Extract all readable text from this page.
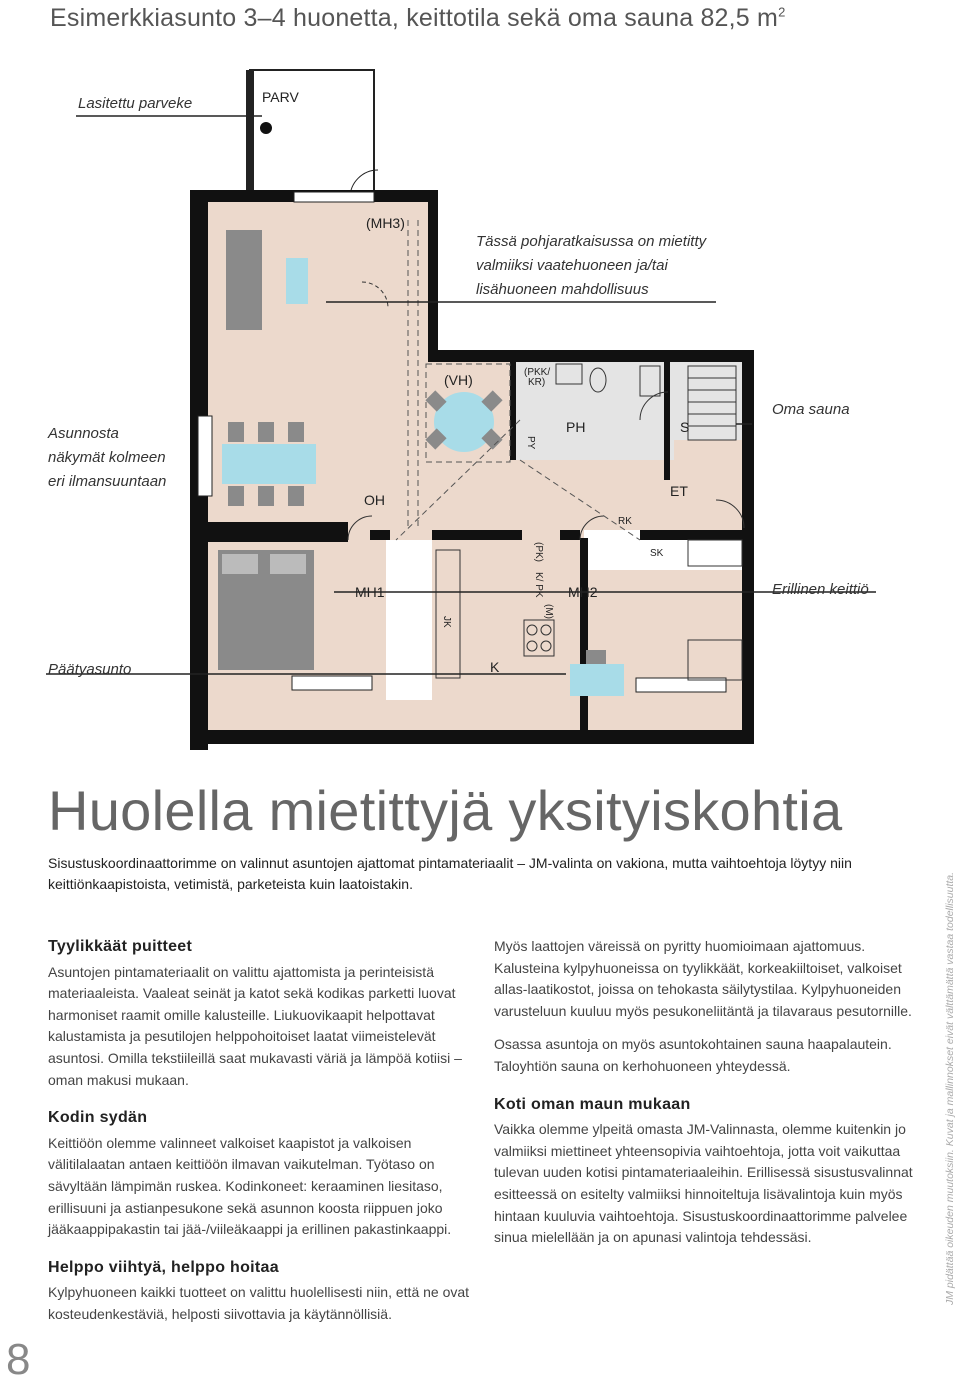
Esimerkkiasunto 3–4 huonetta, keittotila sekä oma sauna 82,5 $m^2$
PARV
(MH3)
(VH)	(PKK/
KR)
PY
PH	S
ET
OH
RK
SK
MH1	MH2
K
JK
(PK)
K/ PK
(M)
Lasitettu parveke
Tässä pohjaratkaisussa on mietitty
valmiiksi vaatehuoneen ja/tai
lisähuoneen mahdollisuus
Asunnosta
näkymät kolmeen
eri ilmansuuntaan
Oma sauna
Erillinen keittiö
Päätyasunto
Huolella mietittyjä yksityiskohtia
Sisustuskoordinaattorimme on valinnut asuntojen ajattomat pintamateriaalit – JM-valinta on vakiona, mutta vaihtoehtoja löytyy niin keittiönkaapistoista, vetimistä, parketeista kuin laatoistakin.
Tyylikkäät puitteet

Asuntojen pintamateriaalit on valittu ajattomista ja perinteisistä materiaaleista. Vaaleat seinät ja katot sekä kodikas parketti luovat harmoniset raamit omille kalusteille. Liukuovikaapit helpottavat kalustamista ja pesutilojen helppohoitoiset laatat viimeistelevät asuntosi. Omilla tekstiileillä saat mukavasti väriä ja lämpöä kotiisi – oman makusi mukaan.

Kodin sydän

Keittiöön olemme valinneet valkoiset kaapistot ja valkoisen välitilalaatan antaen keittiöön ilmavan vaikutelman. Työtaso on sävyltään lämpimän ruskea. Kodinkoneet: keraaminen liesitaso, erillisuuni ja astianpesukone sekä asunnon koosta riippuen joko jääkaappipakastin tai jää-/viileäkaappi ja erillinen pakastinkaappi.

Helppo viihtyä, helppo hoitaa

Kylpyhuoneen kaikki tuotteet on valittu huolellisesti niin, että ne ovat kosteudenkestäviä, helposti siivottavia ja käytännöllisiä.

Myös laattojen väreissä on pyritty huomioimaan ajattomuus. Kalusteina kylpyhuoneissa on tyylikkäät, korkeakiiltoiset, valkoiset allas-laatikostot, joissa on tehokasta säilytystilaa. Kylpyhuoneiden varusteluun kuuluu myös pesukoneliitäntä ja tilavaraus pesutornille.

Osassa asuntoja on myös asuntokohtainen sauna haapalautein. Taloyhtiön sauna on kerhohuoneen yhteydessä.

Koti oman maun mukaan

Vaikka olemme ylpeitä omasta JM-Valinnasta, olemme kuitenkin jo valmiiksi miettineet yhteensopivia vaihtoehtoja, jotta voit vaikuttaa tulevan uuden kotisi pintamateriaaleihin. Erillisessä sisustusvalinnat esitteessä on esitelty valmiiksi hinnoiteltuja lisävalintoja kuin myös hintaan kuuluvia vaihtoehtoja. Sisustuskoordinaattorimme palvelee sinua mielellään ja on apunasi valintoja tehdessäsi.	JM pidättää oikeuden muutoksiin. Kuvat ja mallinnokset eivät välttämättä vastaa todellisuutta.
8
